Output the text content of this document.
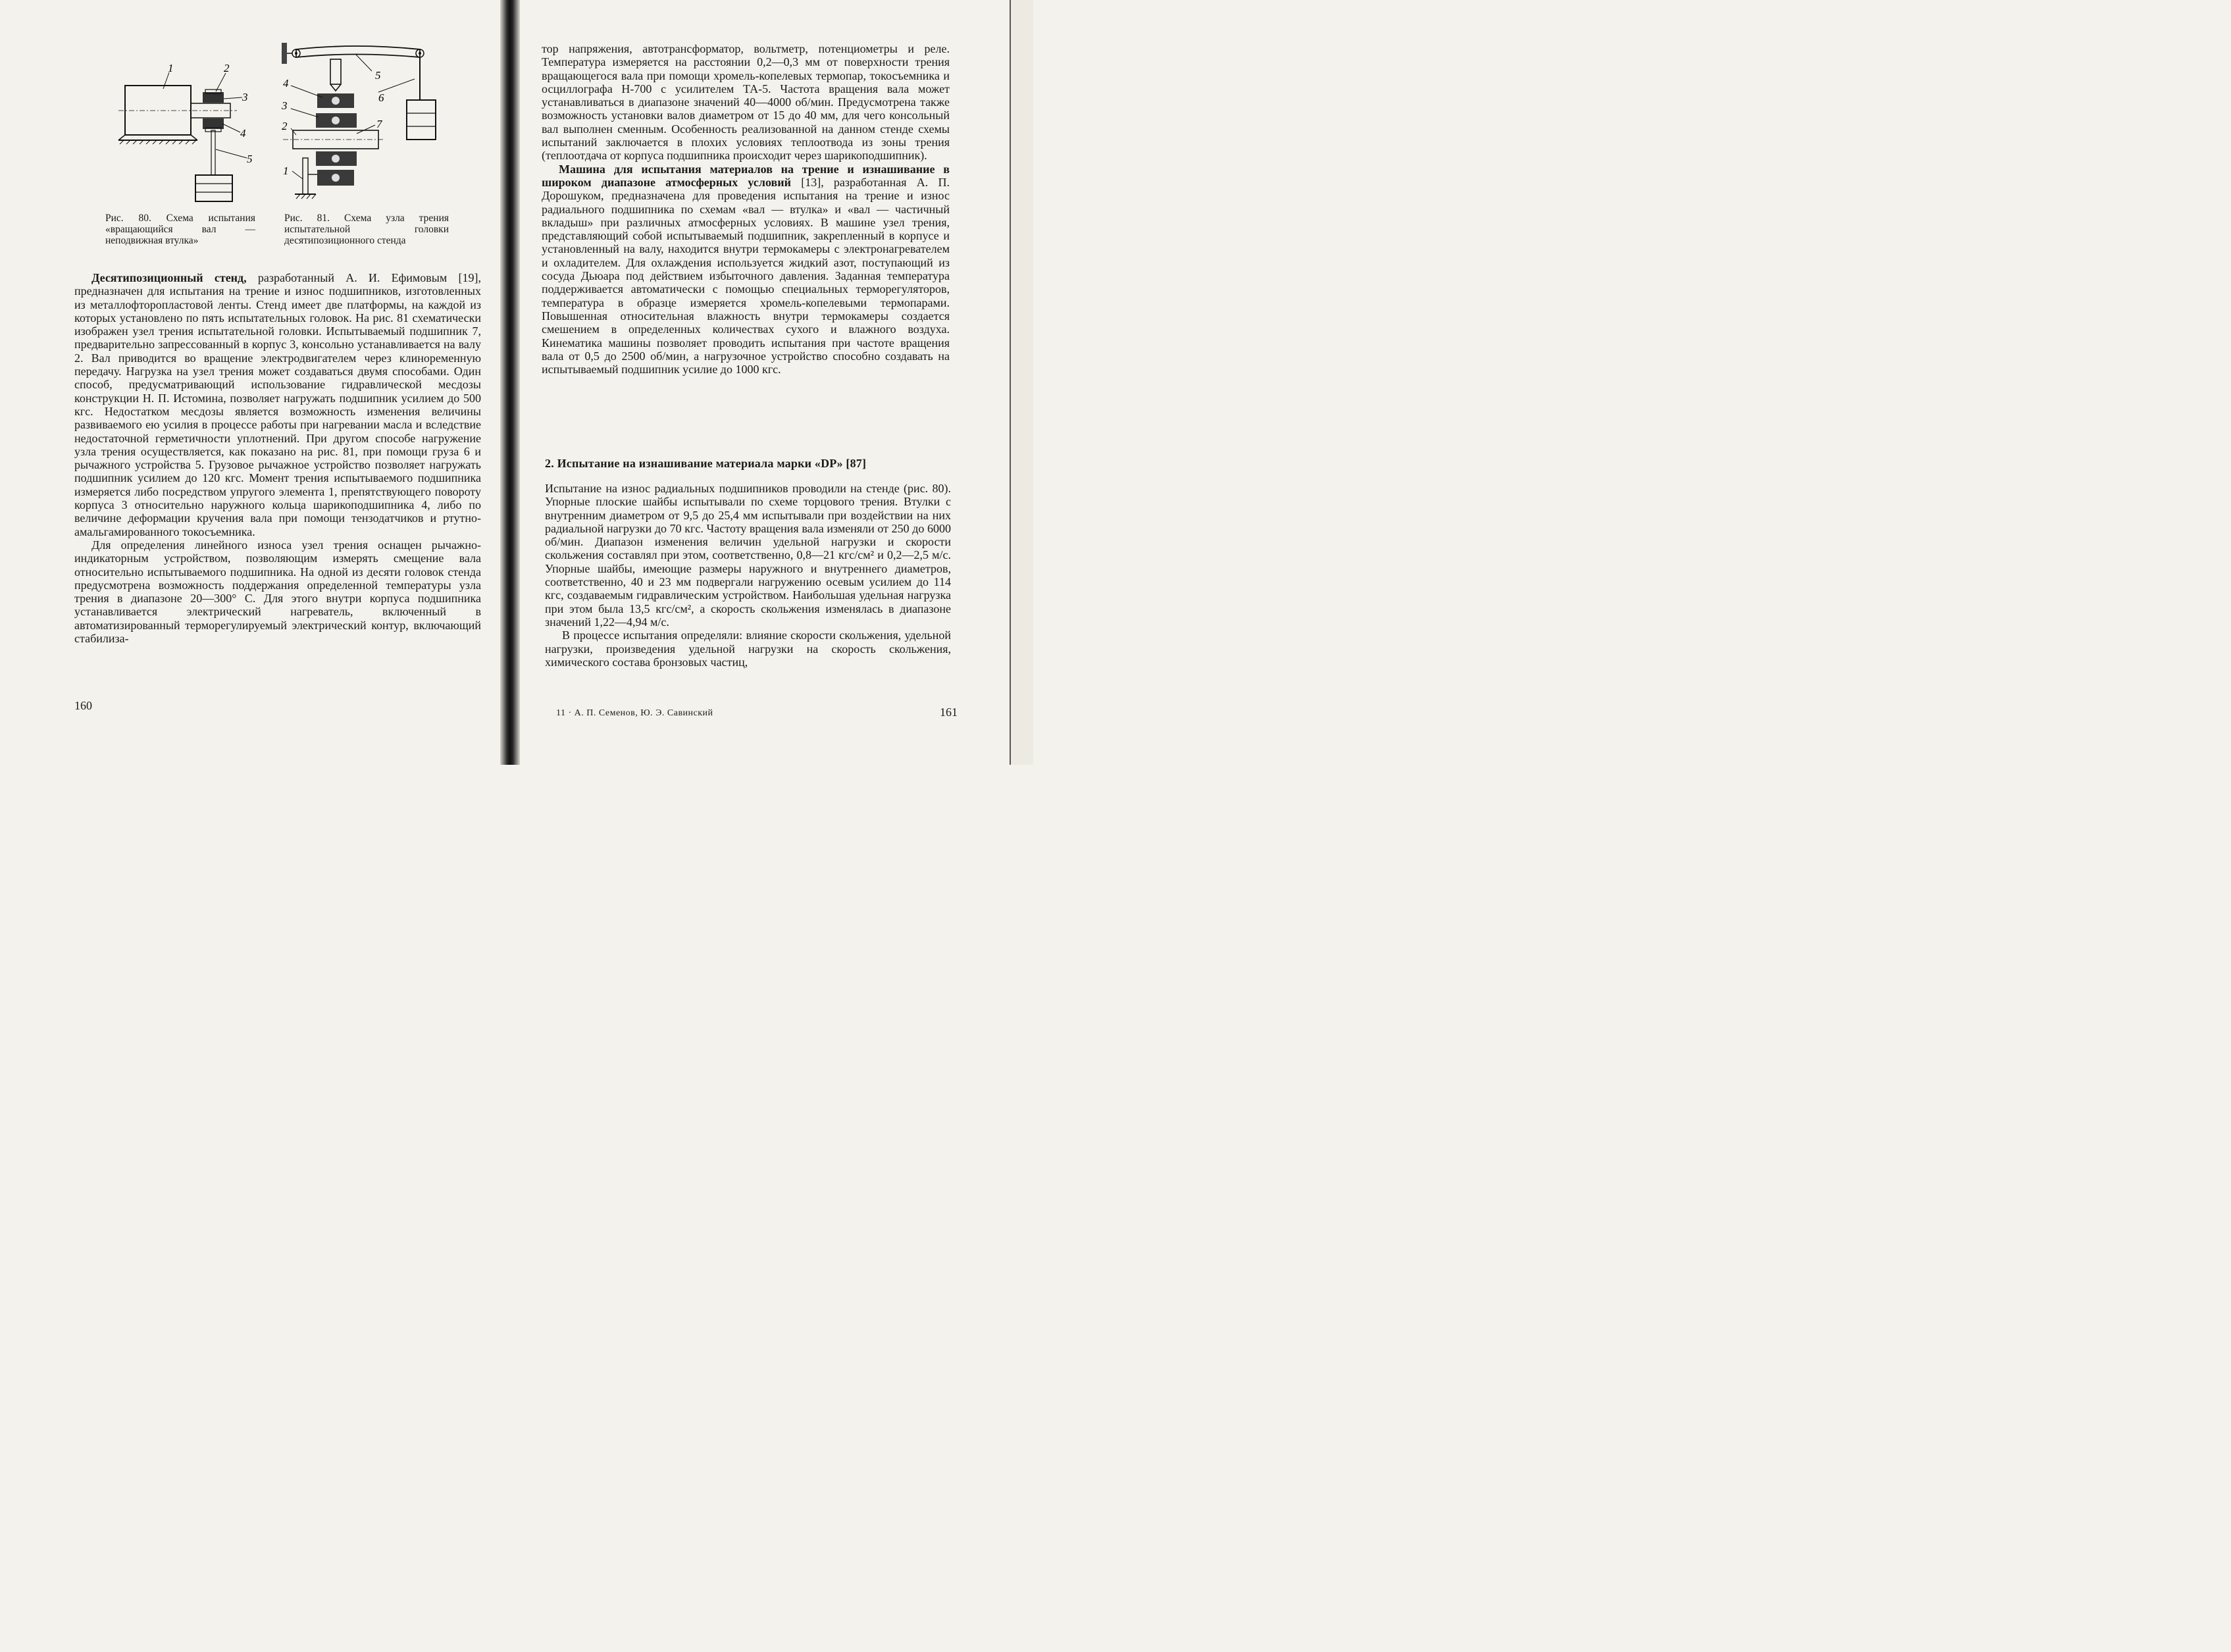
1	2
3
4
5
Рис. 80. Схема испытания «вращающийся вал — неподвижная втулка»
1
2
3
4
5
6
7
Рис. 81. Схема узла трения испытательной головки десятипозиционного стенда

Десятипозиционный стенд, разработанный А. И. Ефимовым [19], предназначен для испытания на трение и износ подшипников, изготовленных из металлофторопластовой ленты. Стенд имеет две платформы, на каждой из которых установлено по пять испытательных головок. На рис. 81 схематически изображен узел трения испытательной головки. Испытываемый подшипник 7, предварительно запрессованный в корпус 3, консольно устанавливается на валу 2. Вал приводится во вращение электродвигателем через клиноременную передачу. Нагрузка на узел трения может создаваться двумя способами. Один способ, предусматривающий использование гидравлической месдозы конструкции Н. П. Истомина, позволяет нагружать подшипник усилием до 500 кгс. Недостатком месдозы является возможность изменения величины развиваемого ею усилия в процессе работы при нагревании масла и вследствие недостаточной герметичности уплотнений. При другом способе нагружение узла трения осуществляется, как показано на рис. 81, при помощи груза 6 и рычажного устройства 5. Грузовое рычажное устройство позволяет нагружать подшипник усилием до 120 кгс. Момент трения испытываемого подшипника измеряется либо посредством упругого элемента 1, препятствующего повороту корпуса 3 относительно наружного кольца шарикоподшипника 4, либо по величине деформации кручения вала при помощи тензодатчиков и ртутно-амальгамированного токосъемника.

Для определения линейного износа узел трения оснащен рычажно-индикаторным устройством, позволяющим измерять смещение вала относительно испытываемого подшипника. На одной из десяти головок стенда предусмотрена возможность поддержания определенной температуры узла трения в диапазоне 20—300° С. Для этого внутри корпуса подшипника устанавливается электрический нагреватель, включенный в автоматизированный терморегулируемый электрический контур, включающий стабилиза-

160

тор напряжения, автотрансформатор, вольтметр, потенциометры и реле. Температура измеряется на расстоянии 0,2—0,3 мм от поверхности трения вращающегося вала при помощи хромель-копелевых термопар, токосъемника и осциллографа Н-700 с усилителем ТА-5. Частота вращения вала может устанавливаться в диапазоне значений 40—4000 об/мин. Предусмотрена также возможность установки валов диаметром от 15 до 40 мм, для чего консольный вал выполнен сменным. Особенность реализованной на данном стенде схемы испытаний заключается в плохих условиях теплоотвода из зоны трения (теплоотдача от корпуса подшипника происходит через шарикоподшипник).

Машина для испытания материалов на трение и изнашивание в широком диапазоне атмосферных условий [13], разработанная А. П. Дорошуком, предназначена для проведения испытания на трение и износ радиального подшипника по схемам «вал — втулка» и «вал — частичный вкладыш» при различных атмосферных условиях. В машине узел трения, представляющий собой испытываемый подшипник, закрепленный в корпусе и установленный на валу, находится внутри термокамеры с электронагревателем и охладителем. Для охлаждения используется жидкий азот, поступающий из сосуда Дьюара под действием избыточного давления. Заданная температура поддерживается автоматически с помощью специальных терморегуляторов, температура в образце измеряется хромель-копелевыми термопарами. Повышенная относительная влажность внутри термокамеры создается смешением в определенных количествах сухого и влажного воздуха. Кинематика машины позволяет проводить испытания при частоте вращения вала от 0,5 до 2500 об/мин, а нагрузочное устройство способно создавать на испытываемый подшипник усилие до 1000 кгс.

2. Испытание на изнашивание материала марки «DP» [87]

Испытание на износ радиальных подшипников проводили на стенде (рис. 80). Упорные плоские шайбы испытывали по схеме торцового трения. Втулки с внутренним диаметром от 9,5 до 25,4 мм испытывали при воздействии на них радиальной нагрузки до 70 кгс. Частоту вращения вала изменяли от 250 до 6000 об/мин. Диапазон изменения величин удельной нагрузки и скорости скольжения составлял при этом, соответственно, 0,8—21 кгс/см² и 0,2—2,5 м/с. Упорные шайбы, имеющие размеры наружного и внутреннего диаметров, соответственно, 40 и 23 мм подвергали нагружению осевым усилием до 114 кгс, создаваемым гидравлическим устройством. Наибольшая удельная нагрузка при этом была 13,5 кгс/см², а скорость скольжения изменялась в диапазоне значений 1,22—4,94 м/с.

В процессе испытания определяли: влияние скорости скольжения, удельной нагрузки, произведения удельной нагрузки на скорость скольжения, химического состава бронзовых частиц,

11 · А. П. Семенов, Ю. Э. Савинский	161
